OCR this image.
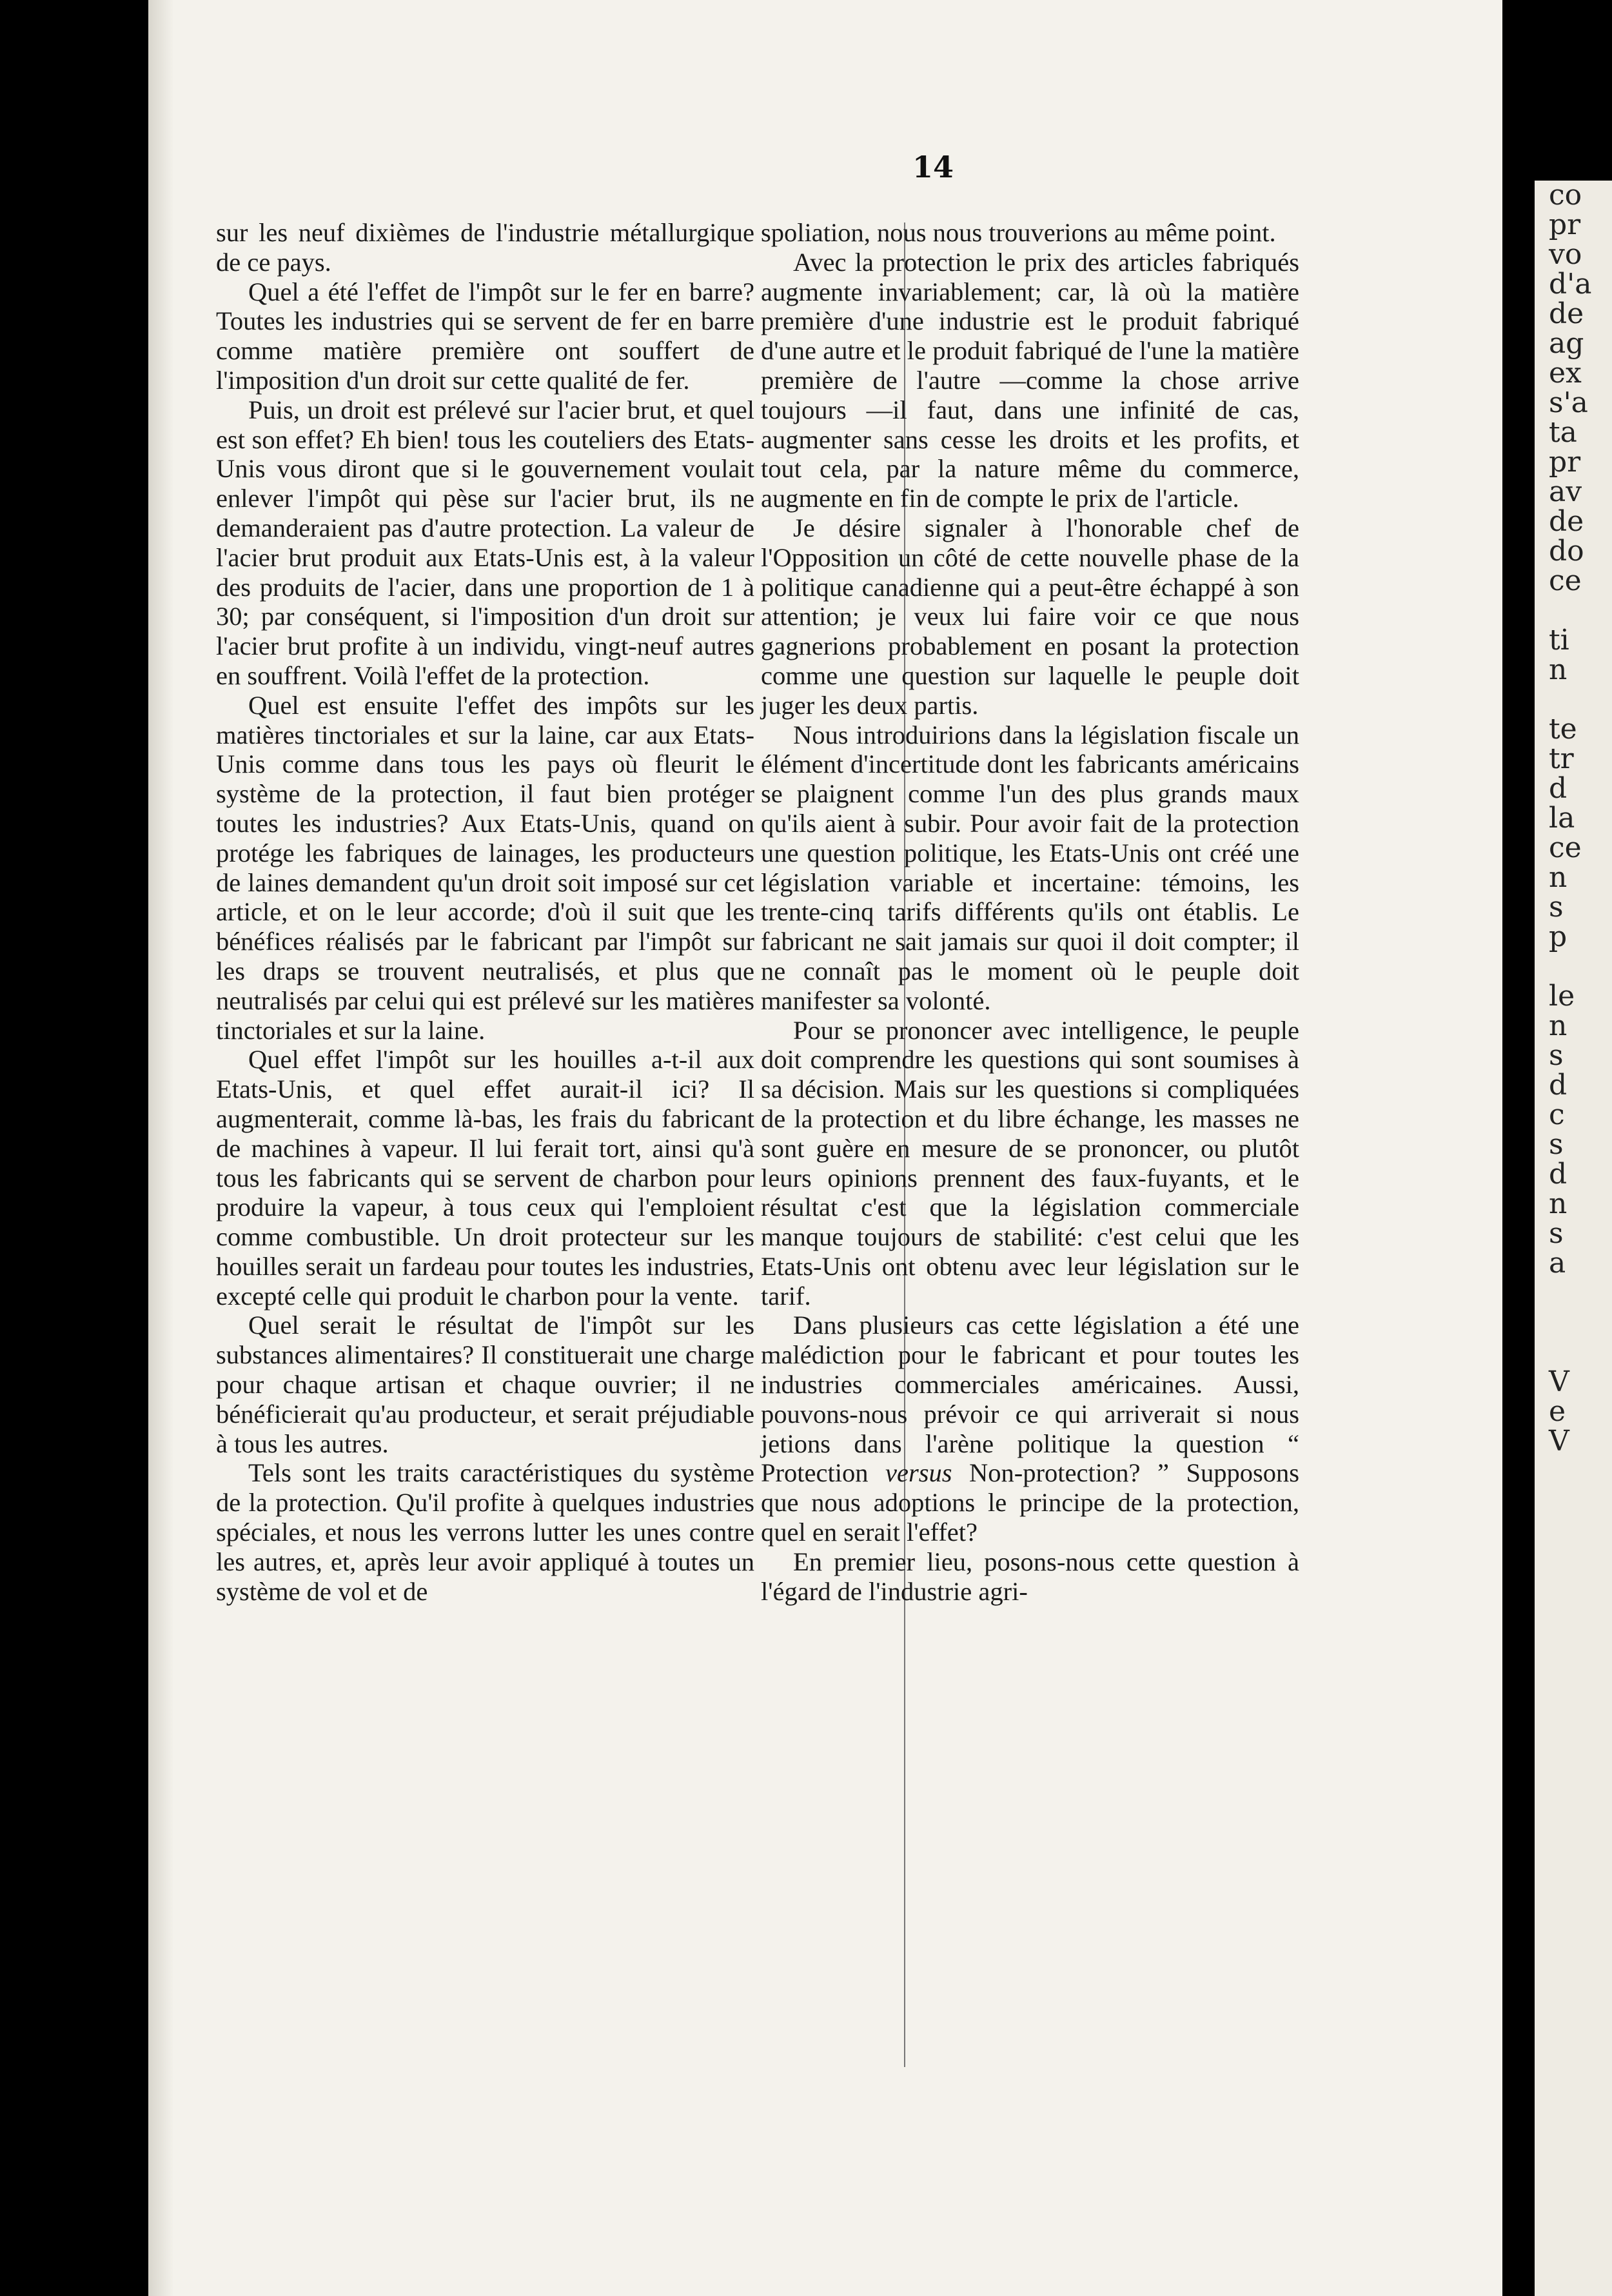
14

sur les neuf dixièmes de l'industrie métallurgique de ce pays.

Quel a été l'effet de l'impôt sur le fer en barre? Toutes les industries qui se servent de fer en barre comme matière première ont souffert de l'imposition d'un droit sur cette qualité de fer.

Puis, un droit est prélevé sur l'acier brut, et quel est son effet? Eh bien! tous les couteliers des Etats-Unis vous diront que si le gouvernement voulait enlever l'impôt qui pèse sur l'acier brut, ils ne demanderaient pas d'autre protection. La valeur de l'acier brut produit aux Etats-Unis est, à la valeur des produits de l'acier, dans une proportion de 1 à 30; par conséquent, si l'imposition d'un droit sur l'acier brut profite à un individu, vingt-neuf autres en souffrent. Voilà l'effet de la protection.

Quel est ensuite l'effet des impôts sur les matières tinctoriales et sur la laine, car aux Etats-Unis comme dans tous les pays où fleurit le système de la protection, il faut bien protéger toutes les industries? Aux Etats-Unis, quand on protége les fabriques de lainages, les producteurs de laines demandent qu'un droit soit imposé sur cet article, et on le leur accorde; d'où il suit que les bénéfices réalisés par le fabricant par l'impôt sur les draps se trouvent neutralisés, et plus que neutralisés par celui qui est prélevé sur les matières tinctoriales et sur la laine.

Quel effet l'impôt sur les houilles a-t-il aux Etats-Unis, et quel effet aurait-il ici? Il augmenterait, comme là-bas, les frais du fabricant de machines à vapeur. Il lui ferait tort, ainsi qu'à tous les fabricants qui se servent de charbon pour produire la vapeur, à tous ceux qui l'emploient comme combustible. Un droit protecteur sur les houilles serait un fardeau pour toutes les industries, excepté celle qui produit le charbon pour la vente.

Quel serait le résultat de l'impôt sur les substances alimentaires? Il constituerait une charge pour chaque artisan et chaque ouvrier; il ne bénéficierait qu'au producteur, et serait préjudiable à tous les autres.

Tels sont les traits caractéristiques du système de la protection. Qu'il profite à quelques industries spéciales, et nous les verrons lutter les unes contre les autres, et, après leur avoir appliqué à toutes un système de vol et de

spoliation, nous nous trouverions au même point.

Avec la protection le prix des articles fabriqués augmente invariablement; car, là où la matière première d'une industrie est le produit fabriqué d'une autre et le produit fabriqué de l'une la matière première de l'autre —comme la chose arrive toujours —il faut, dans une infinité de cas, augmenter sans cesse les droits et les profits, et tout cela, par la nature même du commerce, augmente en fin de compte le prix de l'article.

Je désire signaler à l'honorable chef de l'Opposition un côté de cette nouvelle phase de la politique canadienne qui a peut-être échappé à son attention; je veux lui faire voir ce que nous gagnerions probablement en posant la protection comme une question sur laquelle le peuple doit juger les deux partis.

Nous introduirions dans la législation fiscale un élément d'incertitude dont les fabricants américains se plaignent comme l'un des plus grands maux qu'ils aient à subir. Pour avoir fait de la protection une question politique, les Etats-Unis ont créé une législation variable et incertaine: témoins, les trente-cinq tarifs différents qu'ils ont établis. Le fabricant ne sait jamais sur quoi il doit compter; il ne connaît pas le moment où le peuple doit manifester sa volonté.

Pour se prononcer avec intelligence, le peuple doit comprendre les questions qui sont soumises à sa décision. Mais sur les questions si compliquées de la protection et du libre échange, les masses ne sont guère en mesure de se prononcer, ou plutôt leurs opinions prennent des faux-fuyants, et le résultat c'est que la législation commerciale manque toujours de stabilité: c'est celui que les Etats-Unis ont obtenu avec leur législation sur le tarif.

Dans plusieurs cas cette législation a été une malédiction pour le fabricant et pour toutes les industries commerciales américaines. Aussi, pouvons-nous prévoir ce qui arriverait si nous jetions dans l'arène politique la question “ Protection versus Non-protection? ” Supposons que nous adoptions le principe de la protection, quel en serait l'effet?

En premier lieu, posons-nous cette question à l'égard de l'industrie agri-

co
pr
vo
d'a
de
ag
ex
s'a
ta
pr
av
de
do
ce
ti
n
te
tr
d
la
ce
n
s
p
le
n
s
d
c
s
d
n
s
a
V
e
V
